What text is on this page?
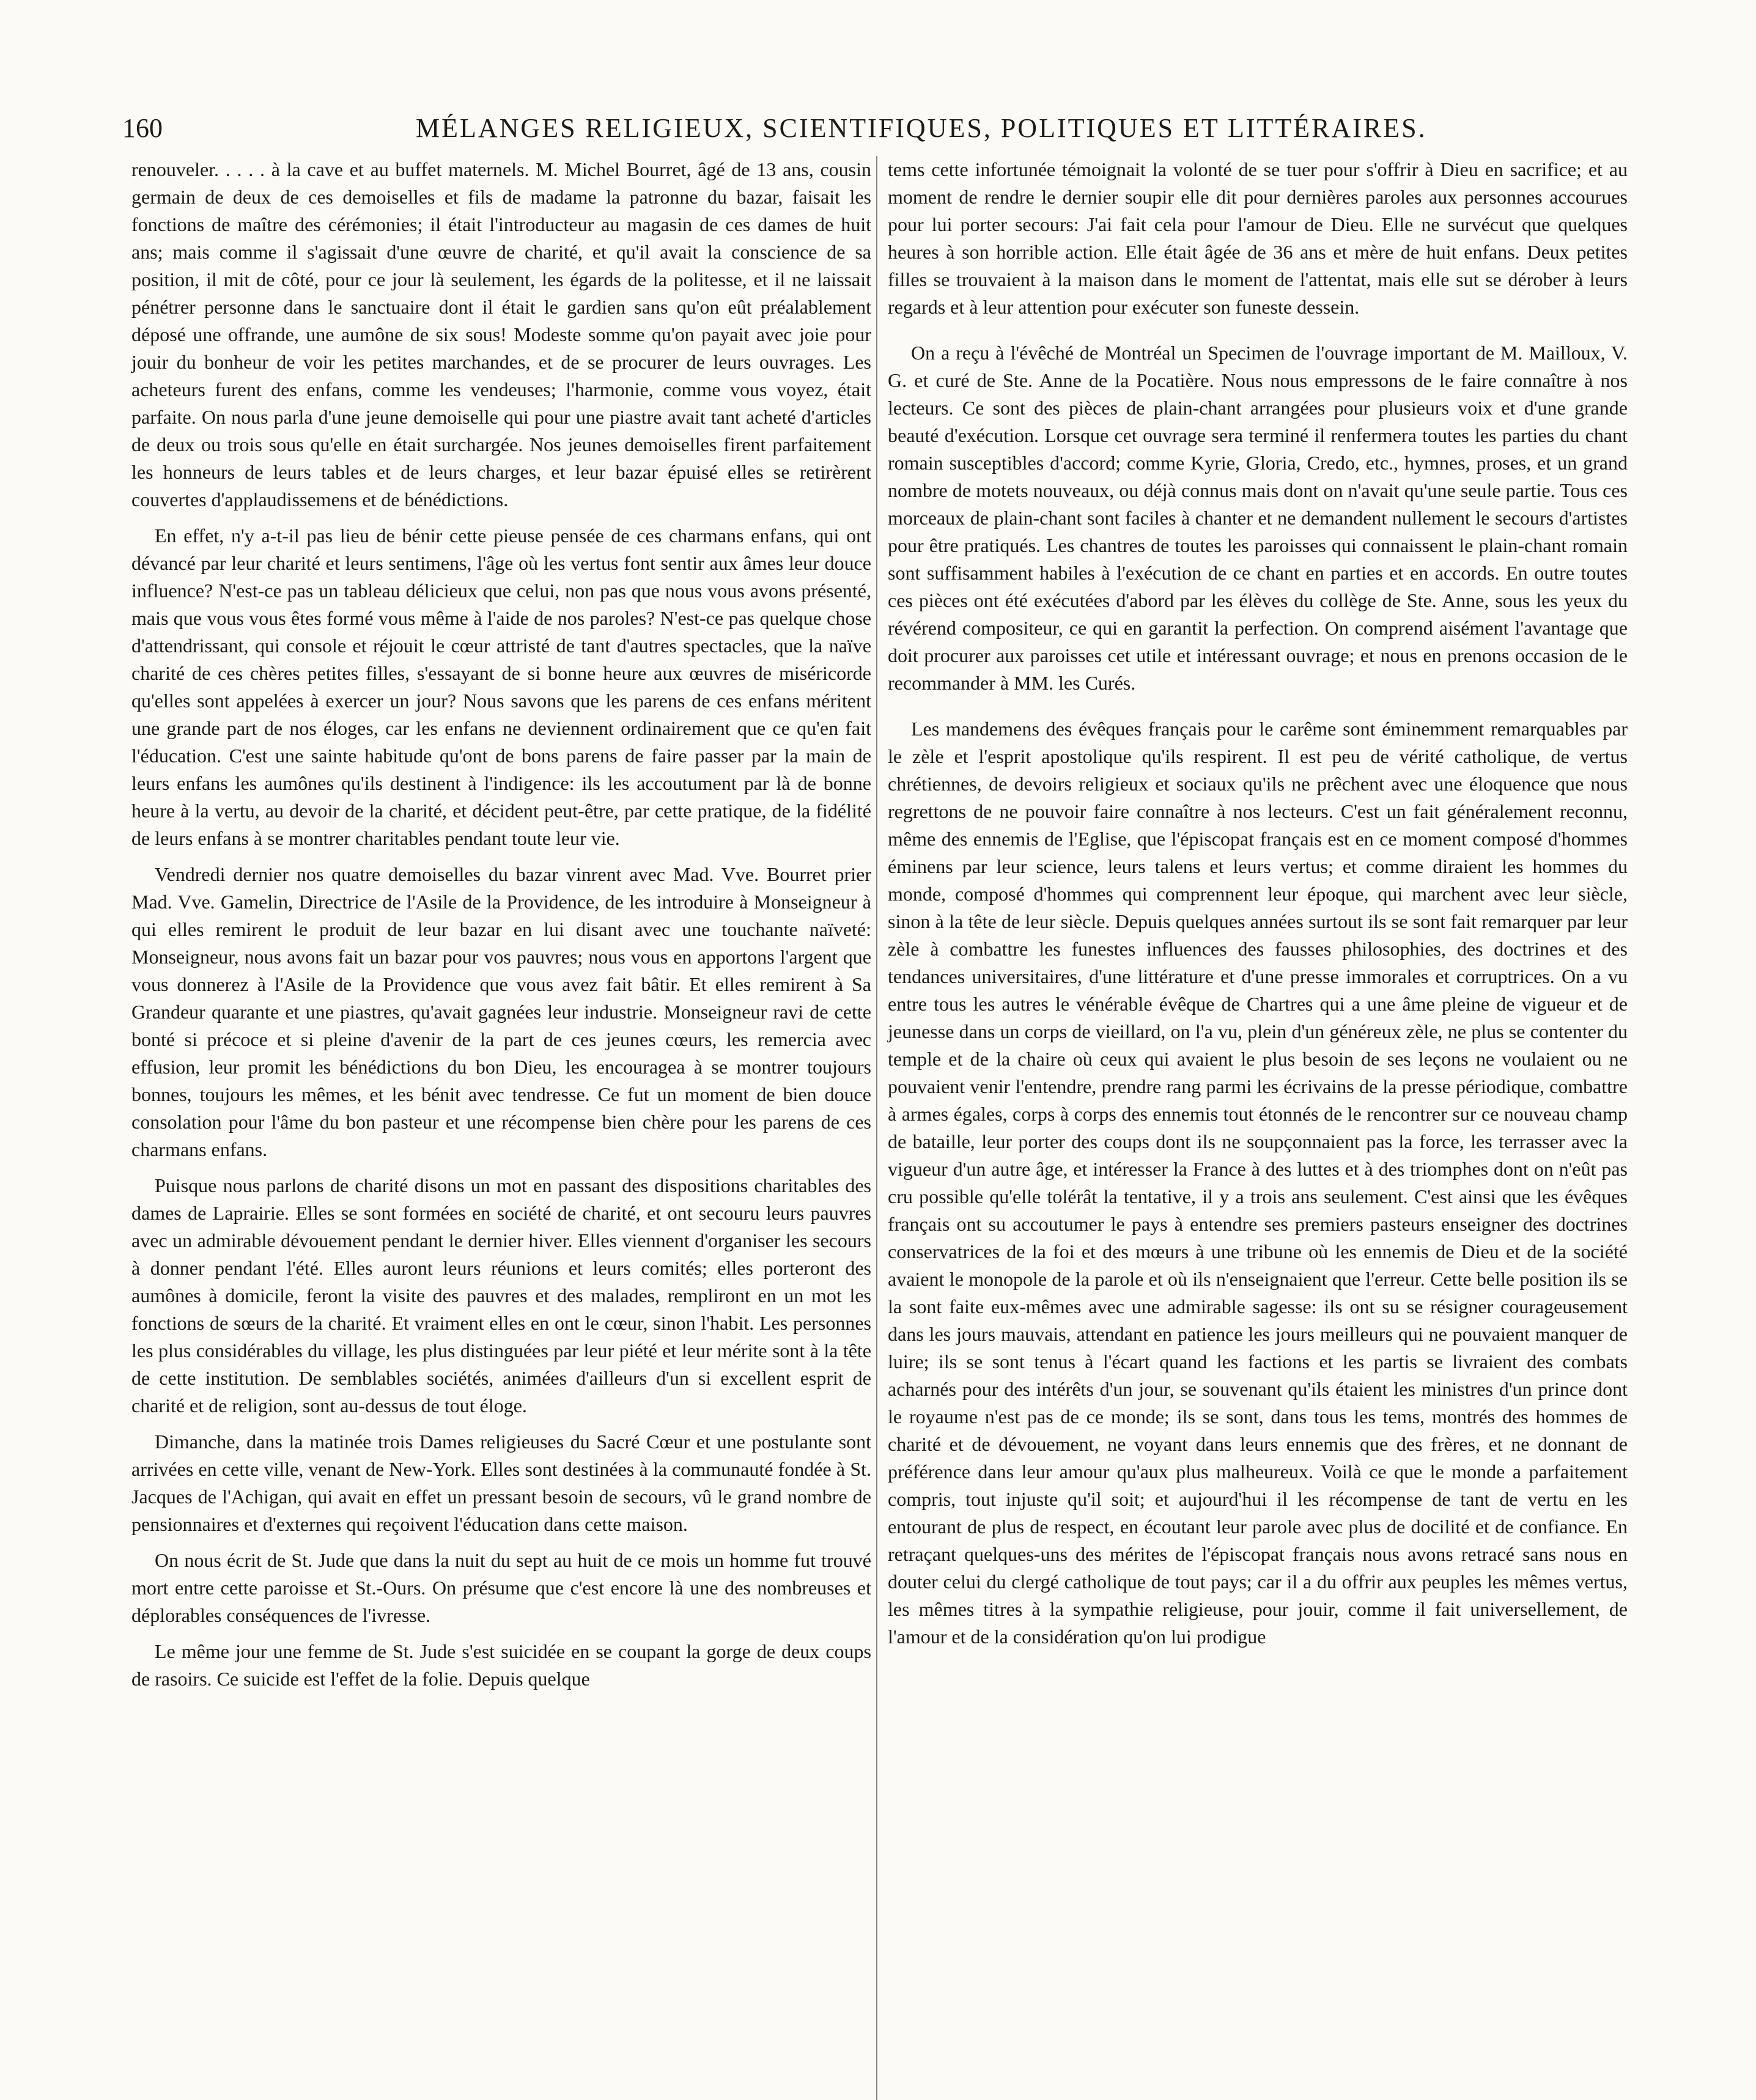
160	MÉLANGES RELIGIEUX, SCIENTIFIQUES, POLITIQUES ET LITTÉRAIRES.

renouveler. . . . . à la cave et au buffet maternels. M. Michel Bourret, âgé de 13 ans, cousin germain de deux de ces demoiselles et fils de madame la patronne du bazar, faisait les fonctions de maître des cérémonies; il était l'introducteur au magasin de ces dames de huit ans; mais comme il s'agissait d'une œuvre de charité, et qu'il avait la conscience de sa position, il mit de côté, pour ce jour là seulement, les égards de la politesse, et il ne laissait pénétrer personne dans le sanctuaire dont il était le gardien sans qu'on eût préalablement déposé une offrande, une aumône de six sous! Modeste somme qu'on payait avec joie pour jouir du bonheur de voir les petites marchandes, et de se procurer de leurs ouvrages. Les acheteurs furent des enfans, comme les vendeuses; l'harmonie, comme vous voyez, était parfaite. On nous parla d'une jeune demoiselle qui pour une piastre avait tant acheté d'articles de deux ou trois sous qu'elle en était surchargée. Nos jeunes demoiselles firent parfaitement les honneurs de leurs tables et de leurs charges, et leur bazar épuisé elles se retirèrent couvertes d'applaudissemens et de bénédictions.

En effet, n'y a-t-il pas lieu de bénir cette pieuse pensée de ces charmans enfans, qui ont dévancé par leur charité et leurs sentimens, l'âge où les vertus font sentir aux âmes leur douce influence? N'est-ce pas un tableau délicieux que celui, non pas que nous vous avons présenté, mais que vous vous êtes formé vous même à l'aide de nos paroles? N'est-ce pas quelque chose d'attendrissant, qui console et réjouit le cœur attristé de tant d'autres spectacles, que la naïve charité de ces chères petites filles, s'essayant de si bonne heure aux œuvres de miséricorde qu'elles sont appelées à exercer un jour? Nous savons que les parens de ces enfans méritent une grande part de nos éloges, car les enfans ne deviennent ordinairement que ce qu'en fait l'éducation. C'est une sainte habitude qu'ont de bons parens de faire passer par la main de leurs enfans les aumônes qu'ils destinent à l'indigence: ils les accoutument par là de bonne heure à la vertu, au devoir de la charité, et décident peut-être, par cette pratique, de la fidélité de leurs enfans à se montrer charitables pendant toute leur vie.

Vendredi dernier nos quatre demoiselles du bazar vinrent avec Mad. Vve. Bourret prier Mad. Vve. Gamelin, Directrice de l'Asile de la Providence, de les introduire à Monseigneur à qui elles remirent le produit de leur bazar en lui disant avec une touchante naïveté: Monseigneur, nous avons fait un bazar pour vos pauvres; nous vous en apportons l'argent que vous donnerez à l'Asile de la Providence que vous avez fait bâtir. Et elles remirent à Sa Grandeur quarante et une piastres, qu'avait gagnées leur industrie. Monseigneur ravi de cette bonté si précoce et si pleine d'avenir de la part de ces jeunes cœurs, les remercia avec effusion, leur promit les bénédictions du bon Dieu, les encouragea à se montrer toujours bonnes, toujours les mêmes, et les bénit avec tendresse. Ce fut un moment de bien douce consolation pour l'âme du bon pasteur et une récompense bien chère pour les parens de ces charmans enfans.

Puisque nous parlons de charité disons un mot en passant des dispositions charitables des dames de Laprairie. Elles se sont formées en société de charité, et ont secouru leurs pauvres avec un admirable dévouement pendant le dernier hiver. Elles viennent d'organiser les secours à donner pendant l'été. Elles auront leurs réunions et leurs comités; elles porteront des aumônes à domicile, feront la visite des pauvres et des malades, rempliront en un mot les fonctions de sœurs de la charité. Et vraiment elles en ont le cœur, sinon l'habit. Les personnes les plus considérables du village, les plus distinguées par leur piété et leur mérite sont à la tête de cette institution. De semblables sociétés, animées d'ailleurs d'un si excellent esprit de charité et de religion, sont au-dessus de tout éloge.

Dimanche, dans la matinée trois Dames religieuses du Sacré Cœur et une postulante sont arrivées en cette ville, venant de New-York. Elles sont destinées à la communauté fondée à St. Jacques de l'Achigan, qui avait en effet un pressant besoin de secours, vû le grand nombre de pensionnaires et d'externes qui reçoivent l'éducation dans cette maison.

On nous écrit de St. Jude que dans la nuit du sept au huit de ce mois un homme fut trouvé mort entre cette paroisse et St.-Ours. On présume que c'est encore là une des nombreuses et déplorables conséquences de l'ivresse.

Le même jour une femme de St. Jude s'est suicidée en se coupant la gorge de deux coups de rasoirs. Ce suicide est l'effet de la folie. Depuis quelque

tems cette infortunée témoignait la volonté de se tuer pour s'offrir à Dieu en sacrifice; et au moment de rendre le dernier soupir elle dit pour dernières paroles aux personnes accourues pour lui porter secours: J'ai fait cela pour l'amour de Dieu. Elle ne survécut que quelques heures à son horrible action. Elle était âgée de 36 ans et mère de huit enfans. Deux petites filles se trouvaient à la maison dans le moment de l'attentat, mais elle sut se dérober à leurs regards et à leur attention pour exécuter son funeste dessein.

On a reçu à l'évêché de Montréal un Specimen de l'ouvrage important de M. Mailloux, V. G. et curé de Ste. Anne de la Pocatière. Nous nous empressons de le faire connaître à nos lecteurs. Ce sont des pièces de plain-chant arrangées pour plusieurs voix et d'une grande beauté d'exécution. Lorsque cet ouvrage sera terminé il renfermera toutes les parties du chant romain susceptibles d'accord; comme Kyrie, Gloria, Credo, etc., hymnes, proses, et un grand nombre de motets nouveaux, ou déjà connus mais dont on n'avait qu'une seule partie. Tous ces morceaux de plain-chant sont faciles à chanter et ne demandent nullement le secours d'artistes pour être pratiqués. Les chantres de toutes les paroisses qui connaissent le plain-chant romain sont suffisamment habiles à l'exécution de ce chant en parties et en accords. En outre toutes ces pièces ont été exécutées d'abord par les élèves du collège de Ste. Anne, sous les yeux du révérend compositeur, ce qui en garantit la perfection. On comprend aisément l'avantage que doit procurer aux paroisses cet utile et intéressant ouvrage; et nous en prenons occasion de le recommander à MM. les Curés.

Les mandemens des évêques français pour le carême sont éminemment remarquables par le zèle et l'esprit apostolique qu'ils respirent. Il est peu de vérité catholique, de vertus chrétiennes, de devoirs religieux et sociaux qu'ils ne prêchent avec une éloquence que nous regrettons de ne pouvoir faire connaître à nos lecteurs. C'est un fait généralement reconnu, même des ennemis de l'Eglise, que l'épiscopat français est en ce moment composé d'hommes éminens par leur science, leurs talens et leurs vertus; et comme diraient les hommes du monde, composé d'hommes qui comprennent leur époque, qui marchent avec leur siècle, sinon à la tête de leur siècle. Depuis quelques années surtout ils se sont fait remarquer par leur zèle à combattre les funestes influences des fausses philosophies, des doctrines et des tendances universitaires, d'une littérature et d'une presse immorales et corruptrices. On a vu entre tous les autres le vénérable évêque de Chartres qui a une âme pleine de vigueur et de jeunesse dans un corps de vieillard, on l'a vu, plein d'un généreux zèle, ne plus se contenter du temple et de la chaire où ceux qui avaient le plus besoin de ses leçons ne voulaient ou ne pouvaient venir l'entendre, prendre rang parmi les écrivains de la presse périodique, combattre à armes égales, corps à corps des ennemis tout étonnés de le rencontrer sur ce nouveau champ de bataille, leur porter des coups dont ils ne soupçonnaient pas la force, les terrasser avec la vigueur d'un autre âge, et intéresser la France à des luttes et à des triomphes dont on n'eût pas cru possible qu'elle tolérât la tentative, il y a trois ans seulement. C'est ainsi que les évêques français ont su accoutumer le pays à entendre ses premiers pasteurs enseigner des doctrines conservatrices de la foi et des mœurs à une tribune où les ennemis de Dieu et de la société avaient le monopole de la parole et où ils n'enseignaient que l'erreur. Cette belle position ils se la sont faite eux-mêmes avec une admirable sagesse: ils ont su se résigner courageusement dans les jours mauvais, attendant en patience les jours meilleurs qui ne pouvaient manquer de luire; ils se sont tenus à l'écart quand les factions et les partis se livraient des combats acharnés pour des intérêts d'un jour, se souvenant qu'ils étaient les ministres d'un prince dont le royaume n'est pas de ce monde; ils se sont, dans tous les tems, montrés des hommes de charité et de dévouement, ne voyant dans leurs ennemis que des frères, et ne donnant de préférence dans leur amour qu'aux plus malheureux. Voilà ce que le monde a parfaitement compris, tout injuste qu'il soit; et aujourd'hui il les récompense de tant de vertu en les entourant de plus de respect, en écoutant leur parole avec plus de docilité et de confiance. En retraçant quelques-uns des mérites de l'épiscopat français nous avons retracé sans nous en douter celui du clergé catholique de tout pays; car il a du offrir aux peuples les mêmes vertus, les mêmes titres à la sympathie religieuse, pour jouir, comme il fait universellement, de l'amour et de la considération qu'on lui prodigue
